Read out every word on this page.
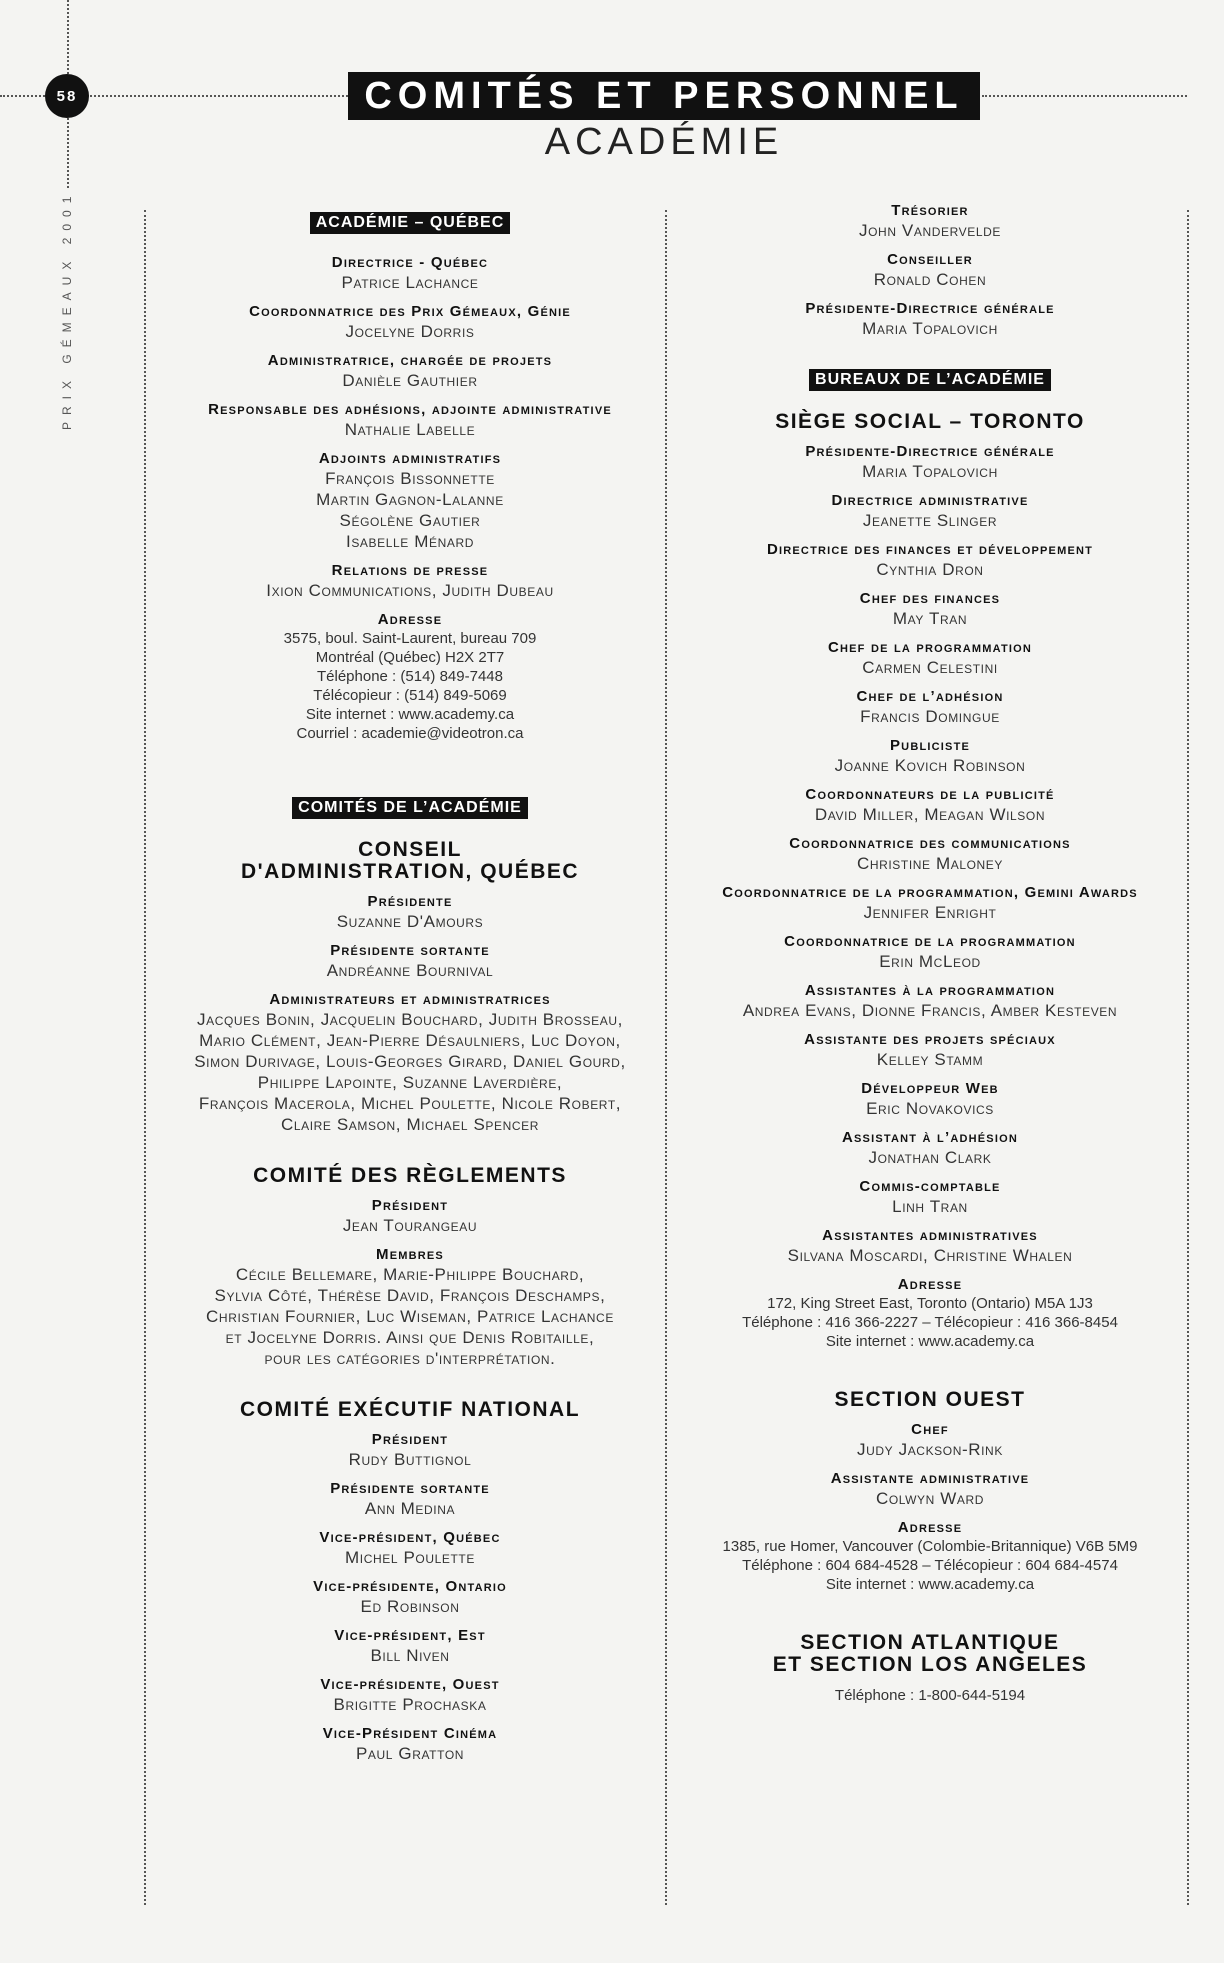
58
PRIX GÉMEAUX 2001
COMITÉS ET PERSONNEL
ACADÉMIE
ACADÉMIE – QUÉBEC
Directrice - Québec
Patrice Lachance
Coordonnatrice des Prix Gémeaux, Génie
Jocelyne Dorris
Administratrice, chargée de projets
Danièle Gauthier
Responsable des adhésions, adjointe administrative
Nathalie Labelle
Adjoints administratifs
François Bissonnette
Martin Gagnon-Lalanne
Ségolène Gautier
Isabelle Ménard
Relations de presse
Ixion Communications, Judith Dubeau
Adresse
3575, boul. Saint-Laurent, bureau 709
Montréal (Québec) H2X 2T7
Téléphone : (514) 849-7448
Télécopieur : (514) 849-5069
Site internet : www.academy.ca
Courriel : academie@videotron.ca
COMITÉS DE L’ACADÉMIE
CONSEIL D'ADMINISTRATION, QUÉBEC
Présidente
Suzanne D'Amours
Présidente sortante
Andréanne Bournival
Administrateurs et administratrices
Jacques Bonin, Jacquelin Bouchard, Judith Brosseau,
Mario Clément, Jean-Pierre Désaulniers, Luc Doyon,
Simon Durivage, Louis-Georges Girard, Daniel Gourd,
Philippe Lapointe, Suzanne Laverdière,
François Macerola, Michel Poulette, Nicole Robert,
Claire Samson, Michael Spencer
COMITÉ DES RÈGLEMENTS
Président
Jean Tourangeau
Membres
Cécile Bellemare, Marie-Philippe Bouchard,
Sylvia Côté, Thérèse David, François Deschamps,
Christian Fournier, Luc Wiseman, Patrice Lachance
et Jocelyne Dorris. Ainsi que Denis Robitaille,
pour les catégories d'interprétation.
COMITÉ EXÉCUTIF NATIONAL
Président
Rudy Buttignol
Présidente sortante
Ann Medina
Vice-président, Québec
Michel Poulette
Vice-présidente, Ontario
Ed Robinson
Vice-président, Est
Bill Niven
Vice-présidente, Ouest
Brigitte Prochaska
Vice-Président Cinéma
Paul Gratton
Trésorier
John Vandervelde
Conseiller
Ronald Cohen
Présidente-Directrice générale
Maria Topalovich
BUREAUX DE L’ACADÉMIE
SIÈGE SOCIAL – TORONTO
Présidente-Directrice générale
Maria Topalovich
Directrice administrative
Jeanette Slinger
Directrice des finances et développement
Cynthia Dron
Chef des finances
May Tran
Chef de la programmation
Carmen Celestini
Chef de l’adhésion
Francis Domingue
Publiciste
Joanne Kovich Robinson
Coordonnateurs de la publicité
David Miller, Meagan Wilson
Coordonnatrice des communications
Christine Maloney
Coordonnatrice de la programmation, Gemini Awards
Jennifer Enright
Coordonnatrice de la programmation
Erin McLeod
Assistantes à la programmation
Andrea Evans, Dionne Francis, Amber Kesteven
Assistante des projets spéciaux
Kelley Stamm
Développeur Web
Eric Novakovics
Assistant à l’adhésion
Jonathan Clark
Commis-comptable
Linh Tran
Assistantes administratives
Silvana Moscardi, Christine Whalen
Adresse
172, King Street East, Toronto (Ontario) M5A 1J3
Téléphone : 416 366-2227 – Télécopieur : 416 366-8454
Site internet : www.academy.ca
SECTION OUEST
Chef
Judy Jackson-Rink
Assistante administrative
Colwyn Ward
Adresse
1385, rue Homer, Vancouver (Colombie-Britannique) V6B 5M9
Téléphone : 604 684-4528 – Télécopieur : 604 684-4574
Site internet : www.academy.ca
SECTION ATLANTIQUE
ET SECTION LOS ANGELES
Téléphone : 1-800-644-5194
